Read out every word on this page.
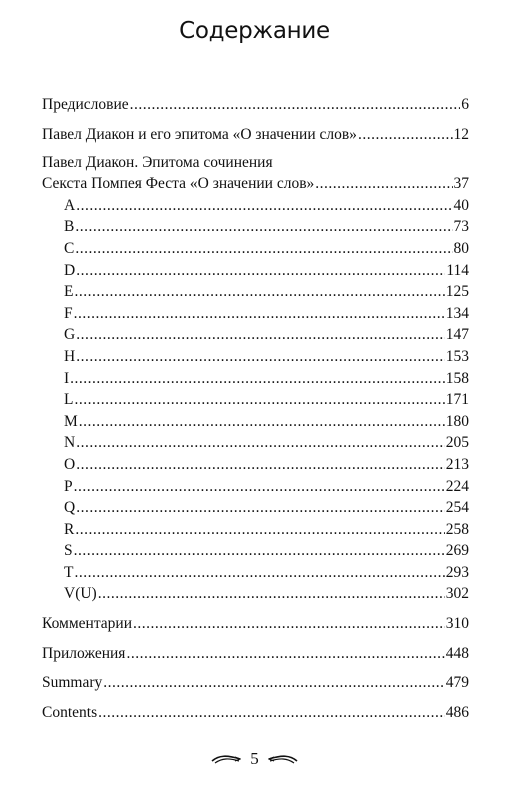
Содержание
Предисловие .....	6
Павел Диакон и его эпитома «О значении слов» .....	12
Павел Диакон. Эпитома сочинения
Секста Помпея Феста «О значении слов» .....	37
A .....	40
B .....	73
C .....	80
D .....	114
E .....	125
F .....	134
G .....	147
H .....	153
I .....	158
L .....	171
M .....	180
N .....	205
O .....	213
P .....	224
Q .....	254
R .....	258
S .....	269
T .....	293
V(U) .....	302
Комментарии .....	310
Приложения .....	448
Summary .....	479
Contents .....	486
5
